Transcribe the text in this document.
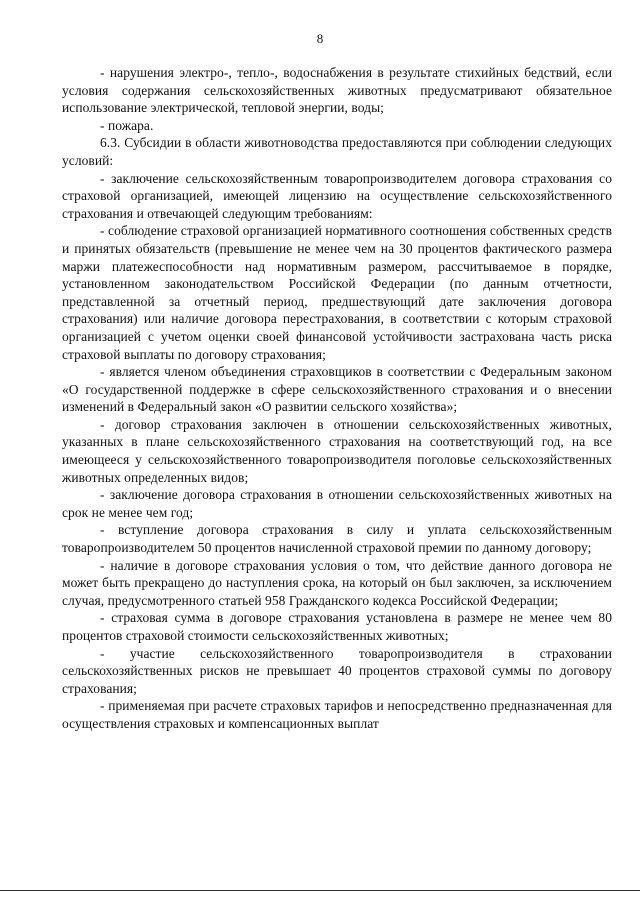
8

- нарушения электро-, тепло-, водоснабжения в результате стихийных бедствий, если условия содержания сельскохозяйственных животных предусматривают обязательное использование электрической, тепловой энергии, воды;

- пожара.

6.3. Субсидии в области животноводства предоставляются при соблюдении следующих условий:

- заключение сельскохозяйственным товаропроизводителем договора страхования со страховой организацией, имеющей лицензию на осуществление сельскохозяйственного страхования и отвечающей следующим требованиям:

- соблюдение страховой организацией нормативного соотношения собственных средств и принятых обязательств (превышение не менее чем на 30 процентов фактического размера маржи платежеспособности над нормативным размером, рассчитываемое в порядке, установленном законодательством Российской Федерации (по данным отчетности, представленной за отчетный период, предшествующий дате заключения договора страхования) или наличие договора перестрахования, в соответствии с которым страховой организацией с учетом оценки своей финансовой устойчивости застрахована часть риска страховой выплаты по договору страхования;

- является членом объединения страховщиков в соответствии с Федеральным законом «О государственной поддержке в сфере сельскохозяйственного страхования и о внесении изменений в Федеральный закон «О развитии сельского хозяйства»;

- договор страхования заключен в отношении сельскохозяйственных животных, указанных в плане сельскохозяйственного страхования на соответствующий год, на все имеющееся у сельскохозяйственного товаропроизводителя поголовье сельскохозяйственных животных определенных видов;

- заключение договора страхования в отношении сельскохозяйственных животных на срок не менее чем год;

- вступление договора страхования в силу и уплата сельскохозяйственным товаропроизводителем 50 процентов начисленной страховой премии по данному договору;

- наличие в договоре страхования условия о том, что действие данного договора не может быть прекращено до наступления срока, на который он был заключен, за исключением случая, предусмотренного статьей 958 Гражданского кодекса Российской Федерации;

- страховая сумма в договоре страхования установлена в размере не менее чем 80 процентов страховой стоимости сельскохозяйственных животных;

- участие сельскохозяйственного товаропроизводителя в страховании сельскохозяйственных рисков не превышает 40 процентов страховой суммы по договору страхования;

- применяемая при расчете страховых тарифов и непосредственно предназначенная для осуществления страховых и компенсационных выплат
